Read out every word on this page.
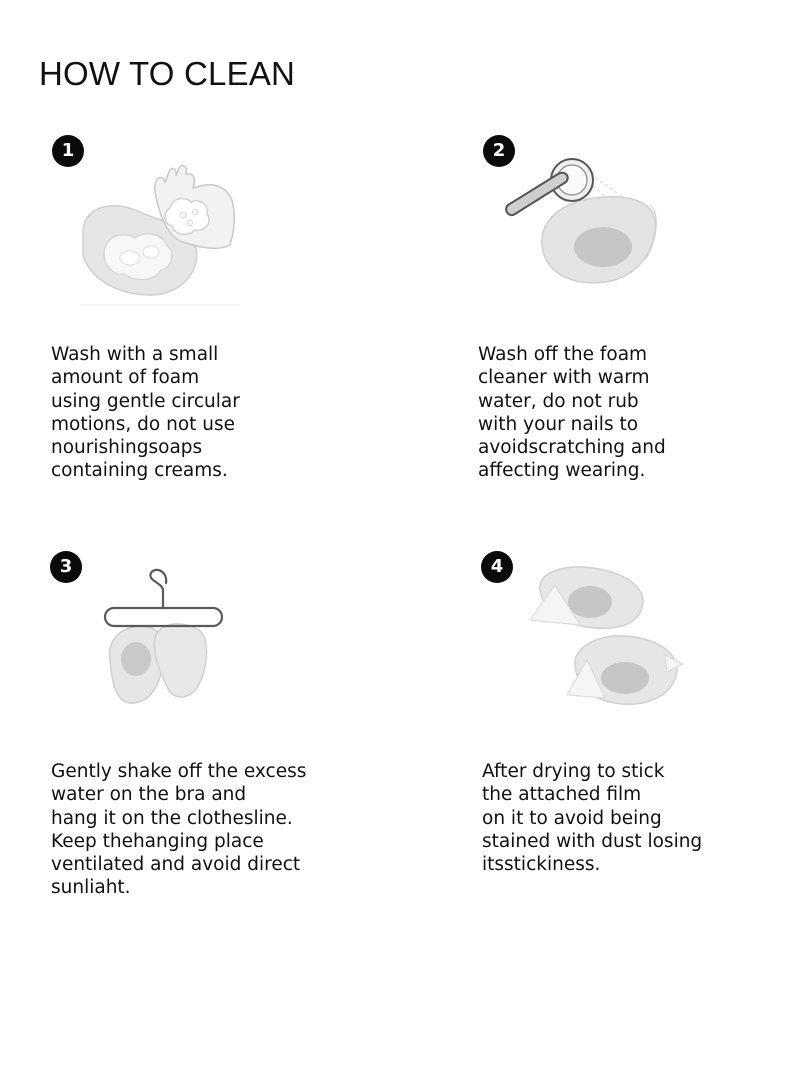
HOW TO CLEAN
1

Wash with a small
amount of foam
using gentle circular
motions, do not use
nourishingsoaps
containing creams.

2

Wash off the foam
cleaner with warm
water, do not rub
with your nails to
avoidscratching and
affecting wearing.

3

Gently shake off the excess
water on the bra and
hang it on the clothesline.
Keep thehanging place
ventilated and avoid direct
sunliaht.

4

After drying to stick
the attached film
on it to avoid being
stained with dust losing
itsstickiness.
